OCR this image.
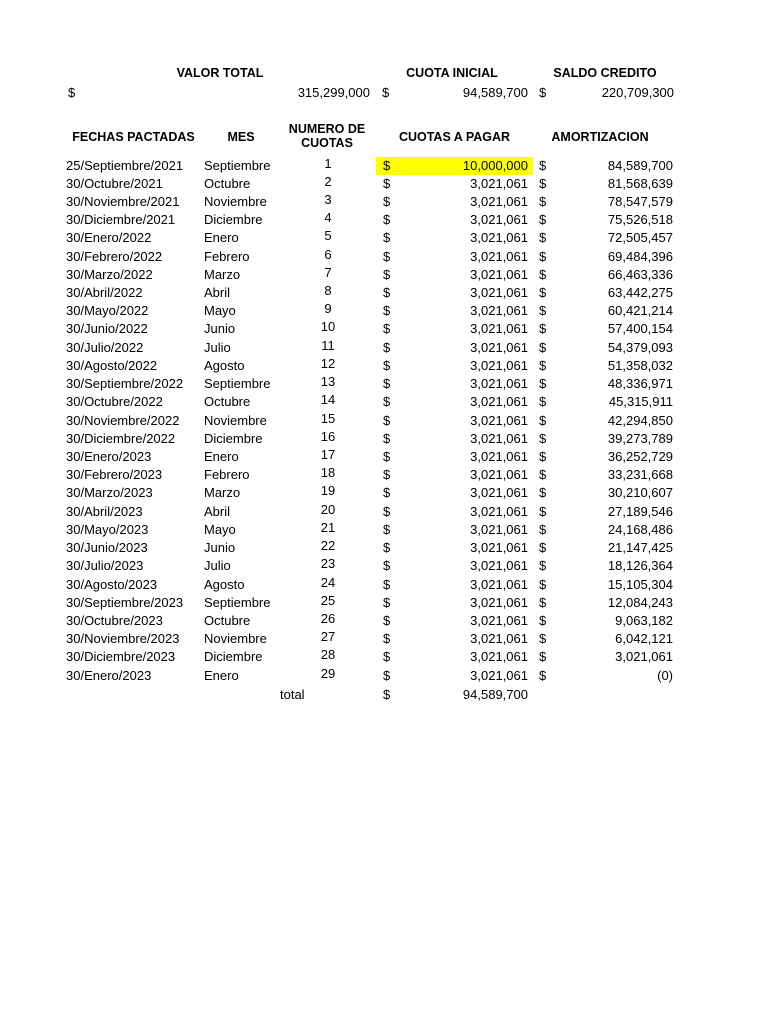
VALOR TOTAL	CUOTA INICIAL	SALDO CREDITO
$	315,299,000 $	94,589,700 $	220,709,300
FECHAS PACTADAS	MES
NUMERO DE
CUOTAS	CUOTAS A PAGAR	AMORTIZACION
25/Septiembre/2021 Septiembre	1	$	10,000,000 $	84,589,700
30/Octubre/2021	Octubre	2	$	3,021,061 $	81,568,639
30/Noviembre/2021 Noviembre	3	$	3,021,061 $	78,547,579
30/Diciembre/2021 Diciembre	4	$	3,021,061 $	75,526,518
30/Enero/2022	Enero	5	$	3,021,061 $	72,505,457
30/Febrero/2022	Febrero	6	$	3,021,061 $	69,484,396
30/Marzo/2022	Marzo	7	$	3,021,061 $	66,463,336
30/Abril/2022	Abril	8	$	3,021,061 $	63,442,275
30/Mayo/2022	Mayo	9	$	3,021,061 $	60,421,214
30/Junio/2022	Junio	10	$	3,021,061 $	57,400,154
30/Julio/2022	Julio	11	$	3,021,061 $	54,379,093
30/Agosto/2022	Agosto	12	$	3,021,061 $	51,358,032
30/Septiembre/2022 Septiembre	13	$	3,021,061 $	48,336,971
30/Octubre/2022	Octubre	14	$	3,021,061 $	45,315,911
30/Noviembre/2022 Noviembre	15	$	3,021,061 $	42,294,850
30/Diciembre/2022 Diciembre	16	$	3,021,061 $	39,273,789
30/Enero/2023	Enero	17	$	3,021,061 $	36,252,729
30/Febrero/2023	Febrero	18	$	3,021,061 $	33,231,668
30/Marzo/2023	Marzo	19	$	3,021,061 $	30,210,607
30/Abril/2023	Abril	20	$	3,021,061 $	27,189,546
30/Mayo/2023	Mayo	21	$	3,021,061 $	24,168,486
30/Junio/2023	Junio	22	$	3,021,061 $	21,147,425
30/Julio/2023	Julio	23	$	3,021,061 $	18,126,364
30/Agosto/2023	Agosto	24	$	3,021,061 $	15,105,304
30/Septiembre/2023 Septiembre	25	$	3,021,061 $	12,084,243
30/Octubre/2023	Octubre	26	$	3,021,061 $	9,063,182
30/Noviembre/2023 Noviembre	27	$	3,021,061 $	6,042,121
30/Diciembre/2023 Diciembre	28	$	3,021,061 $	3,021,061
30/Enero/2023	Enero	29	$	3,021,061 $	(0)
total	$	94,589,700
